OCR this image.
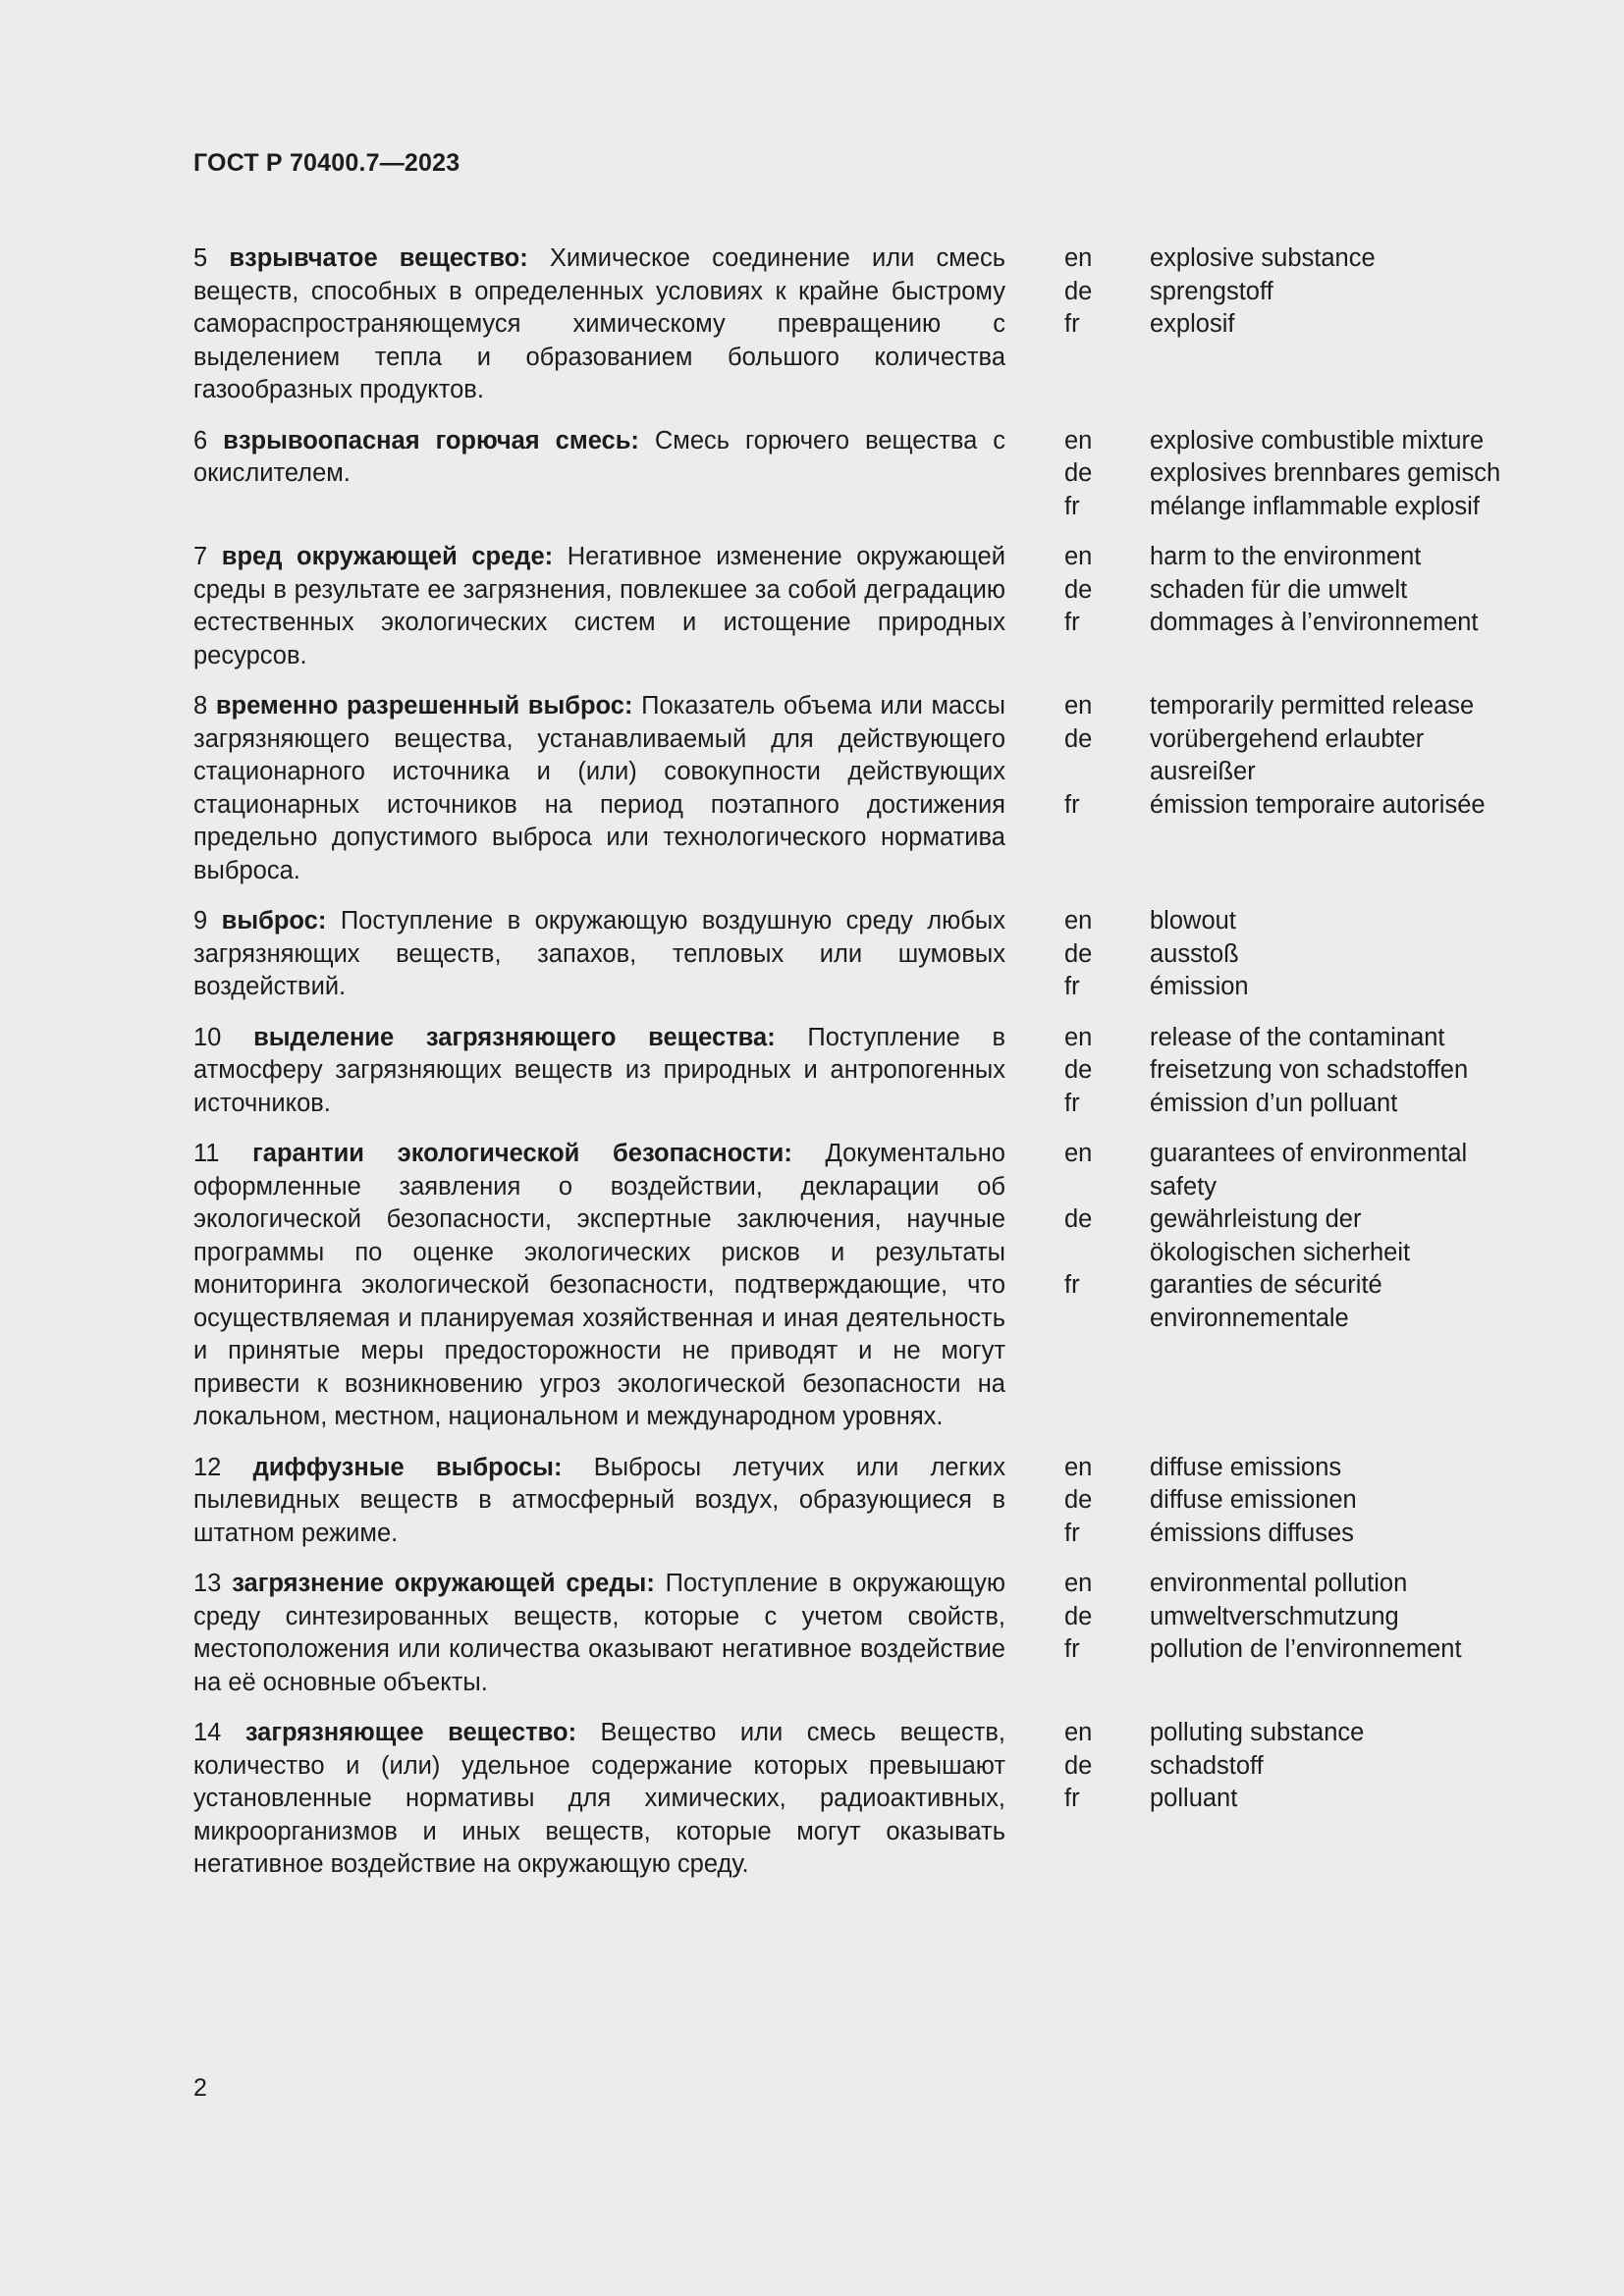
ГОСТ Р 70400.7—2023

5 взрывчатое вещество: Химическое соединение или смесь веществ, способных в определенных условиях к крайне быстрому самораспространяющемуся химическому превращению с выделением тепла и образованием большого количества газообразных продуктов.

en	explosive substance
de	sprengstoff
fr	explosif

6 взрывоопасная горючая смесь: Смесь горючего вещества с окислителем.

en	explosive combustible mixture
de	explosives brennbares gemisch
fr	mélange inflammable explosif

7 вред окружающей среде: Негативное изменение окружающей среды в результате ее загрязнения, повлекшее за собой деградацию естественных экологических систем и истощение природных ресурсов.

en	harm to the environment
de	schaden für die umwelt
fr	dommages à l’environnement

8 временно разрешенный выброс: Показатель объема или массы загрязняющего вещества, устанавливаемый для действующего стационарного источника и (или) совокупности действующих стационарных источников на период поэтапного достижения предельно допустимого выброса или технологического норматива выброса.

en	temporarily permitted release
de	vorübergehend erlaubter ausreißer
fr	émission temporaire autorisée

9 выброс: Поступление в окружающую воздушную среду любых загрязняющих веществ, запахов, тепловых или шумовых воздействий.

en	blowout
de	ausstoß
fr	émission

10 выделение загрязняющего вещества: Поступление в атмосферу загрязняющих веществ из природных и антропогенных источников.

en	release of the contaminant
de	freisetzung von schadstoffen
fr	émission d’un polluant

11 гарантии экологической безопасности: Документально оформленные заявления о воздействии, декларации об экологической безопасности, экспертные заключения, научные программы по оценке экологических рисков и результаты мониторинга экологической безопасности, подтверждающие, что осуществляемая и планируемая хозяйственная и иная деятельность и принятые меры предосторожности не приводят и не могут привести к возникновению угроз экологической безопасности на локальном, местном, национальном и международном уровнях.

en	guarantees of environmental safety
de	gewährleistung der ökologischen sicherheit
fr	garanties de sécurité environnementale

12 диффузные выбросы: Выбросы летучих или легких пылевидных веществ в атмосферный воздух, образующиеся в штатном режиме.

en	diffuse emissions
de	diffuse emissionen
fr	émissions diffuses

13 загрязнение окружающей среды: Поступление в окружающую среду синтезированных веществ, которые с учетом свойств, местоположения или количества оказывают негативное воздействие на её основные объекты.

en	environmental pollution
de	umweltverschmutzung
fr	pollution de l’environnement

14 загрязняющее вещество: Вещество или смесь веществ, количество и (или) удельное содержание которых превышают установленные нормативы для химических, радиоактивных, микроорганизмов и иных веществ, которые могут оказывать негативное воздействие на окружающую среду.

en	polluting substance
de	schadstoff
fr	polluant
2
